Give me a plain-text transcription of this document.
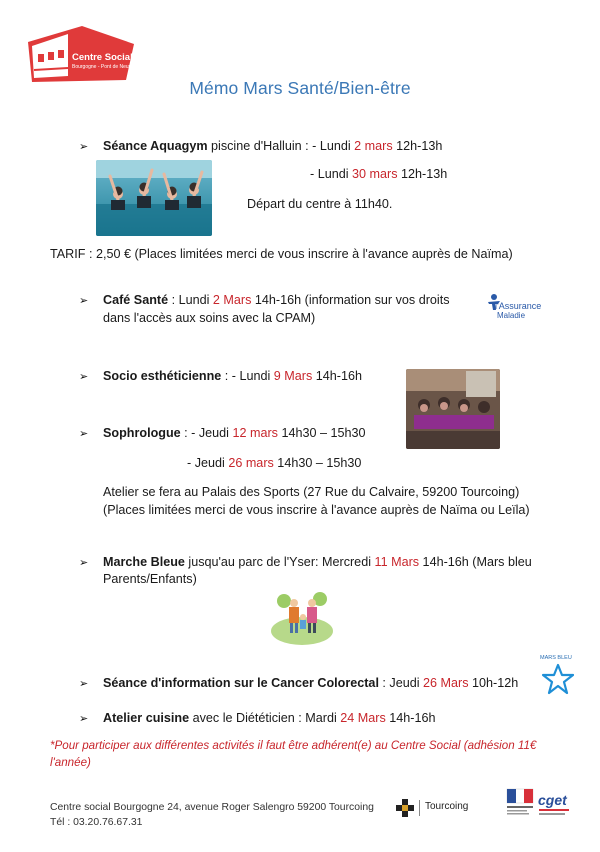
Centre Social
Bourgogne - Pont de Neuville
Mémo Mars Santé/Bien-être
➢ Séance Aquagym piscine d'Halluin : - Lundi 2 mars 12h-13h
- Lundi 30 mars 12h-13h
Départ du centre à 11h40.
TARIF : 2,50 € (Places limitées merci de vous inscrire à l'avance auprès de Naïma)
➢ Café Santé : Lundi 2 Mars 14h-16h (information sur vos droits
dans l'accès aux soins avec la CPAM)
l'Assurance
Maladie
➢ Socio esthéticienne : - Lundi 9 Mars 14h-16h
➢ Sophrologue : - Jeudi 12 mars 14h30 – 15h30
- Jeudi 26 mars 14h30 – 15h30
Atelier se fera au Palais des Sports (27 Rue du Calvaire, 59200 Tourcoing)
(Places limitées merci de vous inscrire à l'avance auprès de Naïma ou Leïla)
➢ Marche Bleue jusqu'au parc de l'Yser: Mercredi 11 Mars 14h-16h (Mars bleu
Parents/Enfants)
MARS BLEU
➢ Séance d'information sur le Cancer Colorectal : Jeudi 26 Mars 10h-12h
➢ Atelier cuisine avec le Diététicien : Mardi 24 Mars 14h-16h
*Pour participer aux différentes activités il faut être adhérent(e) au Centre Social (adhésion 11€ l'année)
Centre social Bourgogne 24, avenue Roger Salengro 59200 Tourcoing
Tél : 03.20.76.67.31
Tourcoing	cget
